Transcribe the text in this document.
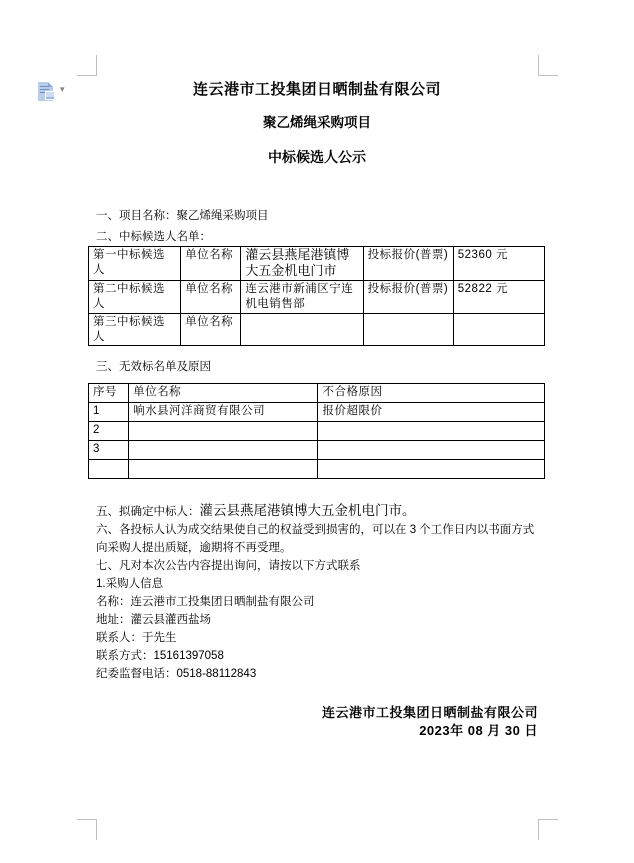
▾	连云港市工投集团日晒制盐有限公司
聚乙烯绳采购项目
中标候选人公示
一、项目名称：聚乙烯绳采购项目
二、中标候选人名单：
第一中标候选人	单位名称	灌云县燕尾港镇博大五金机电门市	投标报价(普票)	52360 元
第二中标候选人	单位名称	连云港市新浦区宁连机电销售部	投标报价(普票)	52822 元
第三中标候选人	单位名称			
三、无效标名单及原因
序号	单位名称	不合格原因
1	响水县河洋商贸有限公司	报价超限价
2		
3		

五、拟确定中标人：灌云县燕尾港镇博大五金机电门市。
六、各投标人认为成交结果使自己的权益受到损害的，可以在 3 个工作日内以书面方式向采购人提出质疑，逾期将不再受理。
七、凡对本次公告内容提出询问，请按以下方式联系
1.采购人信息
名称：连云港市工投集团日晒制盐有限公司
地址：灌云县灌西盐场
联系人：于先生
联系方式：15161397058
纪委监督电话：0518-88112843
连云港市工投集团日晒制盐有限公司
2023年 08 月 30 日
